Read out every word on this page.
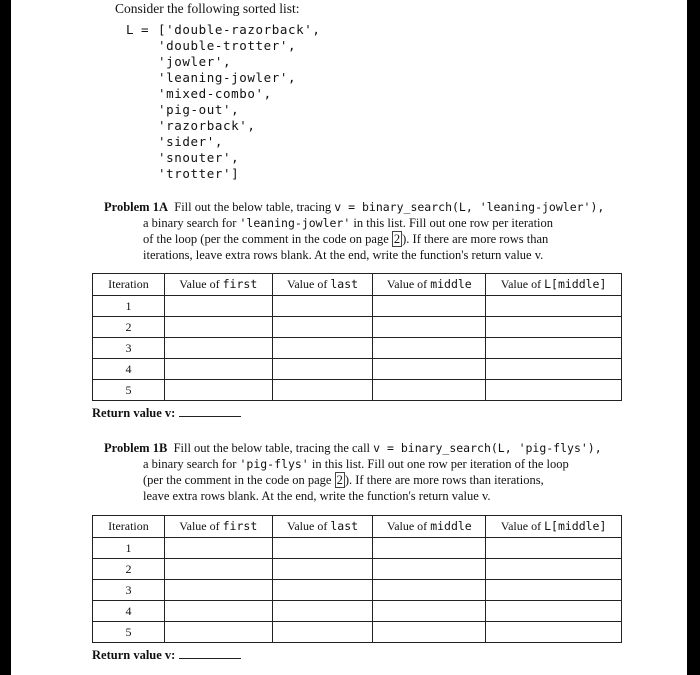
Consider the following sorted list:
L = ['double-razorback',
'double-trotter',
'jowler',
'leaning-jowler',
'mixed-combo',
'pig-out',
'razorback',
'sider',
'snouter',
'trotter']
Problem 1A Fill out the below table, tracing v = binary_search(L, 'leaning-jowler'),
a binary search for 'leaning-jowler' in this list. Fill out one row per iteration
of the loop (per the comment in the code on page 2 ). If there are more rows than
iterations, leave extra rows blank. At the end, write the function's return value v.
Iteration	Value of first	Value of last	Value of middle	Value of L[middle]
1				
2				
3				
4				
5				
Return value v:
Problem 1B Fill out the below table, tracing the call v = binary_search(L, 'pig-flys'),
a binary search for 'pig-flys' in this list. Fill out one row per iteration of the loop
(per the comment in the code on page 2 ). If there are more rows than iterations,
leave extra rows blank. At the end, write the function's return value v.
Iteration	Value of first	Value of last	Value of middle	Value of L[middle]
1				
2				
3				
4				
5				
Return value v:
